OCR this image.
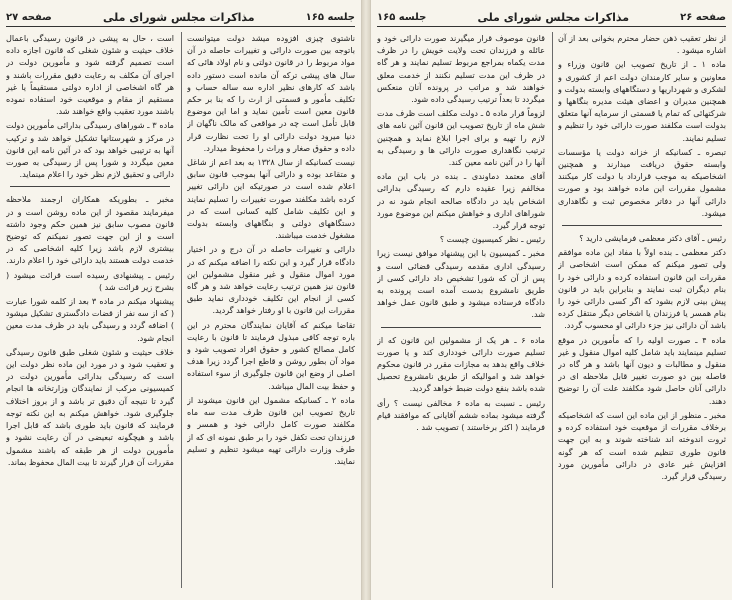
جلسه ۱۶۵
مذاکرات مجلس شورای ملی
صفحه ۲۷

ناشتوی چیزی افزوده میشد دولت میتوانست باتوجه بین صورت دارائی و تغییرات حاصله در آن مواد مربوط را در قانون دولتی و نام اولاد هائی که سال های پیشی ترکه آن مانده است دستور داده باشد که کارهای نظیر اداره سه ساله حساب و تکلیف مأمور و قسمتی از ارث را که بنا بر حکم قانون معین است تأمین نماید و اما این موضوع قابل تأمل است چه در مواقعی که مالک ناگهان از دنیا میرود دولت دارائی او را تحت نظارت قرار داده و حقوق صغار و وراث را محفوظ میدارد.

نیست کسانیکه از سال ۱۳۲۸ به بعد اعم از شاغل و متقاعد بوده و دارائی آنها بموجب قانون سابق اعلام شده است در صورتیکه این دارائی تغییر کرده باشد مکلفند صورت تغییرات را تسلیم نمایند و این تکلیف شامل کلیه کسانی است که در دستگاههای دولتی و بنگاههای وابسته بدولت مشغول خدمت میباشند.

دارائی و تغییرات حاصله در آن درج و در اختیار دادگاه قرار گیرد و این نکته را اضافه میکنم که در مورد اموال منقول و غیر منقول مشمولین این قانون نیز همین ترتیب رعایت خواهد شد و هر گاه کسی از انجام این تکلیف خودداری نماید طبق مقررات این قانون با او رفتار خواهد گردید.

تقاضا میکنم که آقایان نمایندگان محترم در این باره توجه کافی مبذول فرمایند تا قانون با رعایت کامل مصالح کشور و حقوق افراد تصویب شود و مواد آن بطور روشن و قاطع اجرا گردد زیرا هدف اصلی از وضع این قانون جلوگیری از سوء استفاده و حفظ بیت المال میباشد.

ماده ۲ ـ کسانیکه مشمول این قانون میشوند از تاریخ تصویب این قانون ظرف مدت سه ماه مکلفند صورت کامل دارائی خود و همسر و فرزندان تحت تکفل خود را بر طبق نمونه ای که از طرف وزارت دارائی تهیه میشود تنظیم و تسلیم نمایند.

است ، حال به پیشی در قانون رسیدگی باعمال خلاف حیثیت و شئون شغلی که قانون اجازه داده است تصمیم گرفته شود و مأمورین دولت در اجرای آن مکلف به رعایت دقیق مقررات باشند و هر گاه اشخاصی از اداره دولتی مستقیماً یا غیر مستقیم از مقام و موقعیت خود استفاده نموده باشند مورد تعقیب واقع خواهند شد.

ماده ۳ ـ شوراهای رسیدگی بدارائی مأمورین دولت در مرکز و شهرستانها تشکیل خواهد شد و ترکیب آنها به ترتیبی خواهد بود که در آئین نامه این قانون معین میگردد و شورا پس از رسیدگی به صورت دارائی و تحقیق لازم نظر خود را اعلام مینماید.

مخبر ـ بطوریکه همکاران ارجمند ملاحظه میفرمایند مقصود از این ماده روشن است و در قانون مصوب سابق نیز همین حکم وجود داشته است و از این جهت تصور نمیکنم که توضیح بیشتری لازم باشد زیرا کلیه اشخاصی که در خدمت دولت هستند باید دارائی خود را اعلام دارند.

رئیس ـ پیشنهادی رسیده است قرائت میشود ( بشرح زیر قرائت شد )

پیشنهاد میکنم در ماده ۳ بعد از کلمه شورا عبارت ( که از سه نفر از قضات دادگستری تشکیل میشود ) اضافه گردد و رسیدگی باید در ظرف مدت معین انجام شود.

خلاف حیثیت و شئون شغلی طبق قانون رسیدگی و تعقیب شود و در مورد این ماده نظر دولت این است که رسیدگی بدارائی مأمورین دولت در کمیسیونی مرکب از نمایندگان وزارتخانه ها انجام گیرد تا نتیجه آن دقیق تر باشد و از بروز اختلاف جلوگیری شود. خواهش میکنم به این نکته توجه فرمایند که قانون باید طوری باشد که قابل اجرا باشد و هیچگونه تبعیضی در آن رعایت نشود و مأمورین دولت از هر طبقه که باشند مشمول مقررات آن قرار گیرند تا بیت المال محفوظ بماند.

صفحه ۲۶
مذاکرات مجلس شورای ملی
جلسه ۱۶۵

از نظر تعقیب ذهن حضار محترم بخوانی بعد از آن اشاره میشود .

ماده ۱ ـ از تاریخ تصویب این قانون وزراء و معاونین و سایر کارمندان دولت اعم از کشوری و لشکری و شهرداریها و دستگاههای وابسته بدولت و همچنین مدیران و اعضای هیئت مدیره بنگاهها و شرکتهائی که تمام یا قسمتی از سرمایه آنها متعلق بدولت است مکلفند صورت دارائی خود را تنظیم و تسلیم نمایند.

تبصره ـ کسانیکه از خزانه دولت یا مؤسسات وابسته حقوق دریافت میدارند و همچنین اشخاصیکه به موجب قرارداد با دولت کار میکنند مشمول مقررات این ماده خواهند بود و صورت دارائی آنها در دفاتر مخصوص ثبت و نگاهداری میشود.

رئیس ـ آقای دکتر معظمی فرمایشی دارید ؟

دکتر معظمی ـ بنده اولاً با مفاد این ماده موافقم ولی تصور میکنم که ممکن است اشخاصی از مقررات این قانون استفاده کرده و دارائی خود را بنام دیگران ثبت نمایند و بنابراین باید در قانون پیش بینی لازم بشود که اگر کسی دارائی خود را بنام همسر یا فرزندان یا اشخاص دیگر منتقل کرده باشد آن دارائی نیز جزء دارائی او محسوب گردد.

ماده ۴ ـ صورت اولیه را که مأمورین در موقع تسلیم مینمایند باید شامل کلیه اموال منقول و غیر منقول و مطالبات و دیون آنها باشد و هر گاه در فاصله بین دو صورت تغییر قابل ملاحظه ای در دارائی آنان حاصل شود مکلفند علت آن را توضیح دهند.

مخبر ـ منظور از این ماده این است که اشخاصیکه برخلاف مقررات از موقعیت خود استفاده کرده و ثروت اندوخته اند شناخته شوند و به این جهت قانون طوری تنظیم شده است که هر گونه افزایش غیر عادی در دارائی مأمورین مورد رسیدگی قرار گیرد.

قانون موصوف قرار میگیرند صورت دارائی خود و عائله و فرزندان تحت ولایت خویش را در ظرف مدت یکماه بمراجع مربوط تسلیم نمایند و هر گاه در ظرف این مدت تسلیم نکنند از خدمت معلق خواهند شد و مراتب در پرونده آنان منعکس میگردد تا بعداً ترتیب رسیدگی داده شود.

لزوماً قرار ماده ۵ ـ دولت مکلف است ظرف مدت شش ماه از تاریخ تصویب این قانون آئین نامه های لازم را تهیه و برای اجرا ابلاغ نماید و همچنین ترتیب نگاهداری صورت دارائی ها و رسیدگی به آنها را در آئین نامه معین کند.

آقای معتمد دماوندی ـ بنده در باب این ماده مخالفم زیرا عقیده دارم که رسیدگی بدارائی اشخاص باید در دادگاه صالحه انجام شود نه در شوراهای اداری و خواهش میکنم این موضوع مورد توجه قرار گیرد.

رئیس ـ نظر کمیسیون چیست ؟

مخبر ـ کمیسیون با این پیشنهاد موافق نیست زیرا رسیدگی اداری مقدمه رسیدگی قضائی است و پس از آن که شورا تشخیص داد دارائی کسی از طریق نامشروع بدست آمده است پرونده به دادگاه فرستاده میشود و طبق قانون عمل خواهد شد.

ماده ۶ ـ هر یک از مشمولین این قانون که از تسلیم صورت دارائی خودداری کند و یا صورت خلاف واقع بدهد به مجازات مقرر در قانون محکوم خواهد شد و اموالیکه از طریق نامشروع تحصیل شده باشد بنفع دولت ضبط خواهد گردید.

رئیس ـ نسبت به ماده ۶ مخالفی نیست ؟ رأی گرفته میشود بماده ششم آقایانی که موافقند قیام فرمایند ( اکثر برخاستند ) تصویب شد .
